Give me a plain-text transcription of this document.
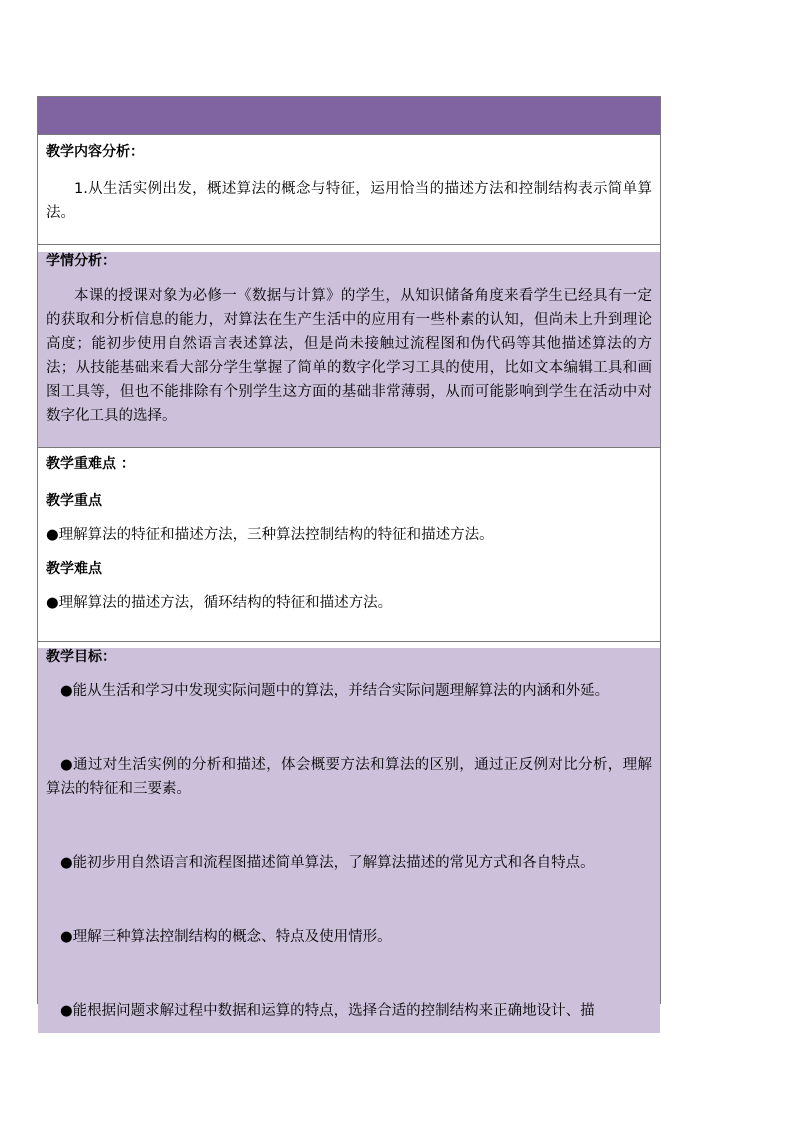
教学内容分析：
1.从生活实例出发，概述算法的概念与特征，运用恰当的描述方法和控制结构表示简单算法。
学情分析：
本课的授课对象为必修一《数据与计算》的学生，从知识储备角度来看学生已经具有一定的获取和分析信息的能力，对算法在生产生活中的应用有一些朴素的认知，但尚未上升到理论高度；能初步使用自然语言表述算法，但是尚未接触过流程图和伪代码等其他描述算法的方法；从技能基础来看大部分学生掌握了简单的数字化学习工具的使用，比如文本编辑工具和画图工具等，但也不能排除有个别学生这方面的基础非常薄弱，从而可能影响到学生在活动中对数字化工具的选择。
教学重难点 ：
教学重点
● 理解算法的特征和描述方法，三种算法控制结构的特征和描述方法。
教学难点
● 理解算法的描述方法，循环结构的特征和描述方法。
教学目标：
●能从生活和学习中发现实际问题中的算法，并结合实际问题理解算法的内涵和外延。
●通过对生活实例的分析和描述，体会概要方法和算法的区别，通过正反例对比分析，理解算法的特征和三要素。
●能初步用自然语言和流程图描述简单算法，了解算法描述的常见方式和各自特点。
●理解三种算法控制结构的概念、特点及使用情形。
●能根据问题求解过程中数据和运算的特点，选择合适的控制结构来正确地设计、描
